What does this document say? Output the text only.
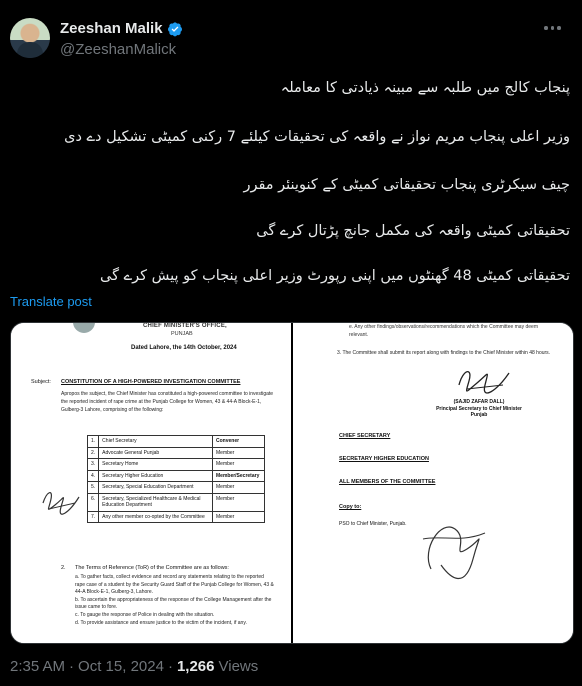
Zeeshan Malik
@ZeeshanMalick
پنجاب کالج میں طلبہ سے مبینہ ذیادتی کا معاملہ
وزیر اعلی پنجاب مریم نواز نے واقعہ کی تحقیقات کیلئے 7 رکنی کمیٹی تشکیل دے دی
چیف سیکرٹری پنجاب تحقیقاتی کمیٹی کے کنوینئر مقرر
تحقیقاتی کمیٹی واقعہ کی مکمل جانچ پڑتال کرے گی
تحقیقاتی کمیٹی 48 گھنٹوں میں اپنی رپورٹ وزیر اعلی پنجاب کو پیش کرے گی
Translate post
CHIEF MINISTER'S OFFICE,
PUNJAB
Dated Lahore, the 14th October, 2024
Subject: CONSTITUTION OF A HIGH-POWERED INVESTIGATION COMMITTEE
Apropos the subject, the Chief Minister has constituted a high-powered committee to investigate the reported incident of rape crime at the Punjab College for Women, 43 & 44-A Block-E-1, Gulberg-3 Lahore, comprising of the following:
1.	Chief Secretary	Convener
2.	Advocate General Punjab	Member
3.	Secretary Home	Member
4.	Secretary Higher Education	Member/Secretary
5.	Secretary, Special Education Department	Member
6.	Secretary, Specialized Healthcare & Medical Education Department	Member
7.	Any other member co-opted by the Committee	Member
2. The Terms of Reference (ToR) of the Committee are as follows:
a. To gather facts, collect evidence and record any statements relating to the reported rape case of a student by the Security Guard Staff of the Punjab College for Women, 43 & 44-A Block-E-1, Gulberg-3, Lahore.
b. To ascertain the appropriateness of the response of the College Management after the issue came to fore.
c. To gauge the response of Police in dealing with the situation.
d. To provide assistance and ensure justice to the victim of the incident, if any.
e. Any other findings/observations/recommendations which the Committee may deem relevant.
3. The Committee shall submit its report along with findings to the Chief Minister within 48 hours.
(SAJID ZAFAR DALL)
Principal Secretary to Chief Minister
Punjab
CHIEF SECRETARY
SECRETARY HIGHER EDUCATION
ALL MEMBERS OF THE COMMITTEE
Copy to:
PSO to Chief Minister, Punjab.
2:35 AM · Oct 15, 2024 · 1,266 Views
